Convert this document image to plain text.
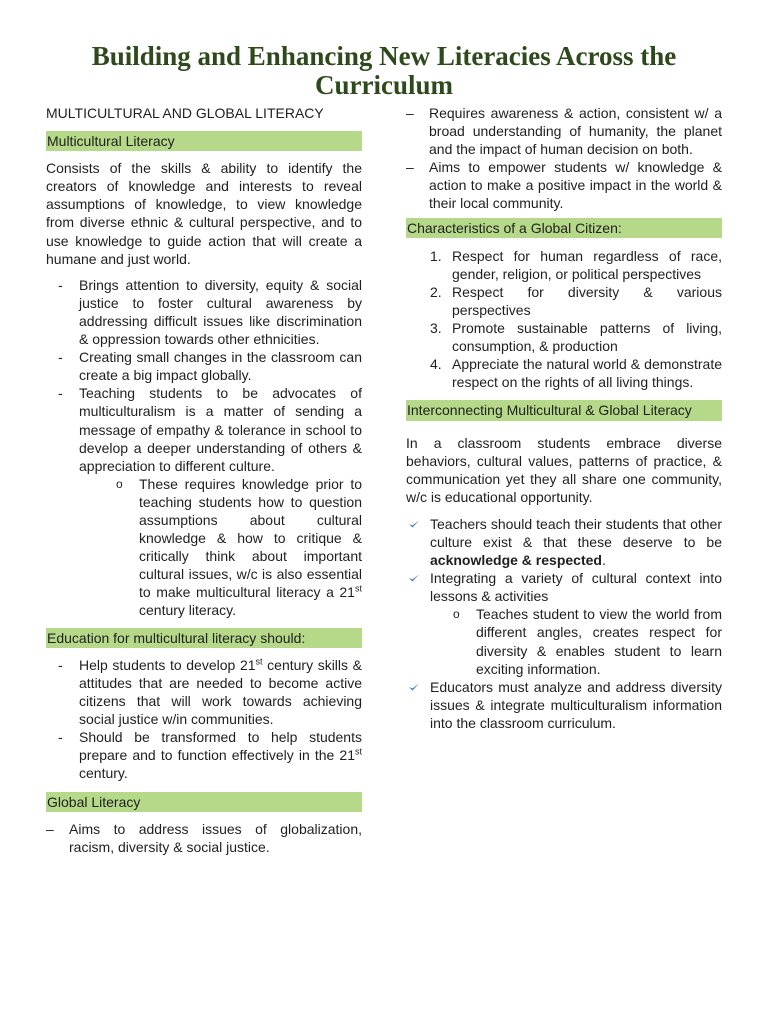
Building and Enhancing New Literacies Across the Curriculum

MULTICULTURAL AND GLOBAL LITERACY

Multicultural Literacy

Consists of the skills & ability to identify the creators of knowledge and interests to reveal assumptions of knowledge, to view knowledge from diverse ethnic & cultural perspective, and to use knowledge to guide action that will create a humane and just world.

- Brings attention to diversity, equity & social justice to foster cultural awareness by addressing difficult issues like discrimination & oppression towards other ethnicities.
- Creating small changes in the classroom can create a big impact globally.
- Teaching students to be advocates of multiculturalism is a matter of sending a message of empathy & tolerance in school to develop a deeper understanding of others & appreciation to different culture.
o These requires knowledge prior to teaching students how to question assumptions about cultural knowledge & how to critique & critically think about important cultural issues, w/c is also essential to make multicultural literacy a 21st century literacy.

Education for multicultural literacy should:

- Help students to develop 21st century skills & attitudes that are needed to become active citizens that will work towards achieving social justice w/in communities.
- Should be transformed to help students prepare and to function effectively in the 21st century.

Global Literacy

– Aims to address issues of globalization, racism, diversity & social justice.
– Requires awareness & action, consistent w/ a broad understanding of humanity, the planet and the impact of human decision on both.
– Aims to empower students w/ knowledge & action to make a positive impact in the world & their local community.

Characteristics of a Global Citizen:

1. Respect for human regardless of race, gender, religion, or political perspectives
2. Respect for diversity & various perspectives
3. Promote sustainable patterns of living, consumption, & production
4. Appreciate the natural world & demonstrate respect on the rights of all living things.

Interconnecting Multicultural & Global Literacy

In a classroom students embrace diverse behaviors, cultural values, patterns of practice, & communication yet they all share one community, w/c is educational opportunity.

Teachers should teach their students that other culture exist & that these deserve to be acknowledge & respected.
Integrating a variety of cultural context into lessons & activities
o Teaches student to view the world from different angles, creates respect for diversity & enables student to learn exciting information.
Educators must analyze and address diversity issues & integrate multiculturalism information into the classroom curriculum.
